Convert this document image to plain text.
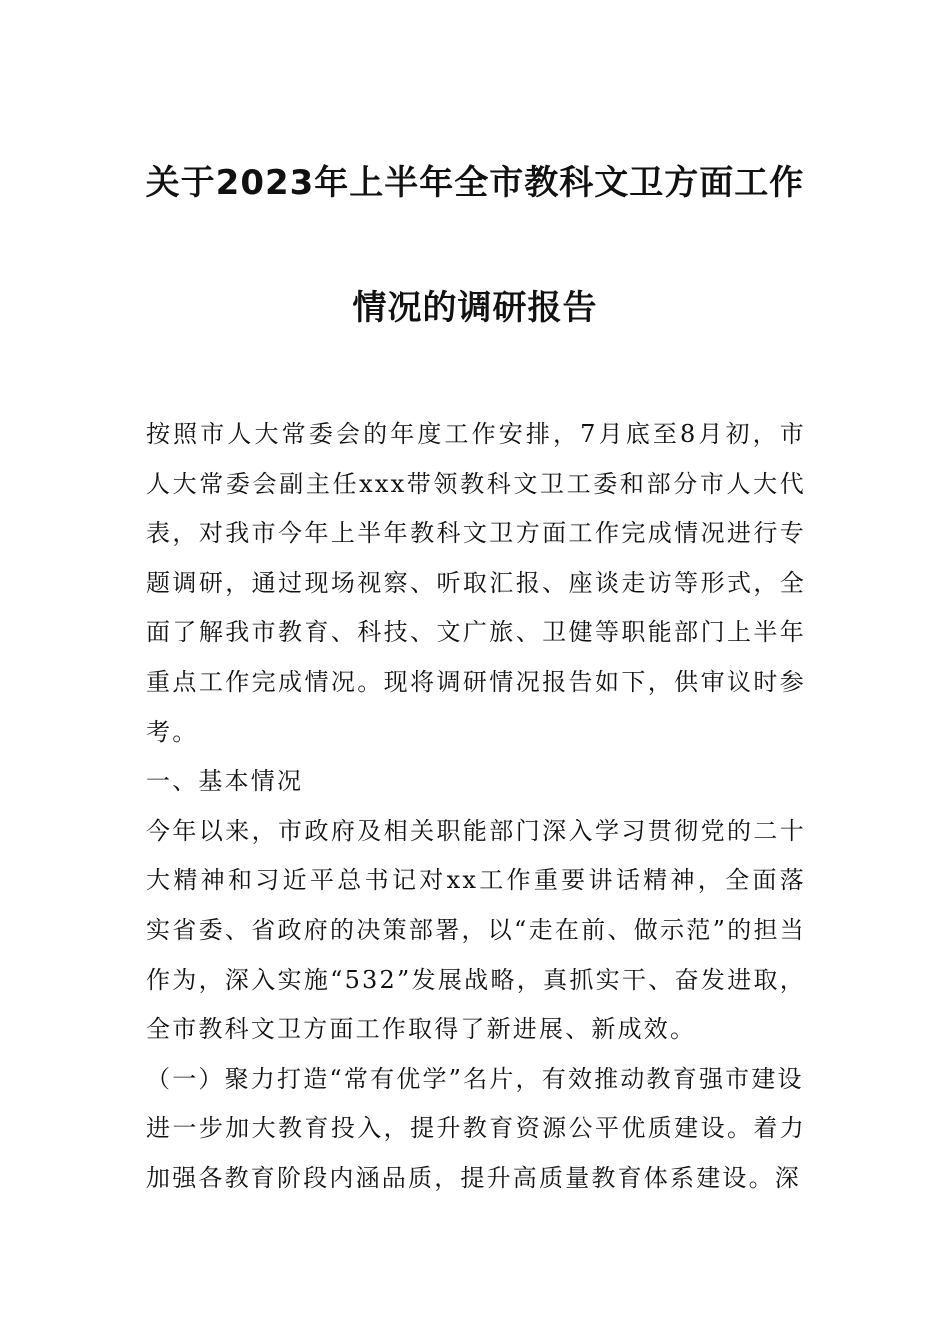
关于2023年上半年全市教科文卫方面工作
情况的调研报告

按照市人大常委会的年度工作安排，7月底至8月初，市人大常委会副主任xxx带领教科文卫工委和部分市人大代表，对我市今年上半年教科文卫方面工作完成情况进行专题调研，通过现场视察、听取汇报、座谈走访等形式，全面了解我市教育、科技、文广旅、卫健等职能部门上半年重点工作完成情况。现将调研情况报告如下，供审议时参考。

一、基本情况

今年以来，市政府及相关职能部门深入学习贯彻党的二十大精神和习近平总书记对xx工作重要讲话精神，全面落实省委、省政府的决策部署，以“走在前、做示范”的担当作为，深入实施“532”发展战略，真抓实干、奋发进取，全市教科文卫方面工作取得了新进展、新成效。

（一）聚力打造“常有优学”名片，有效推动教育强市建设

进一步加大教育投入，提升教育资源公平优质建设。着力加强各教育阶段内涵品质，提升高质量教育体系建设。深
